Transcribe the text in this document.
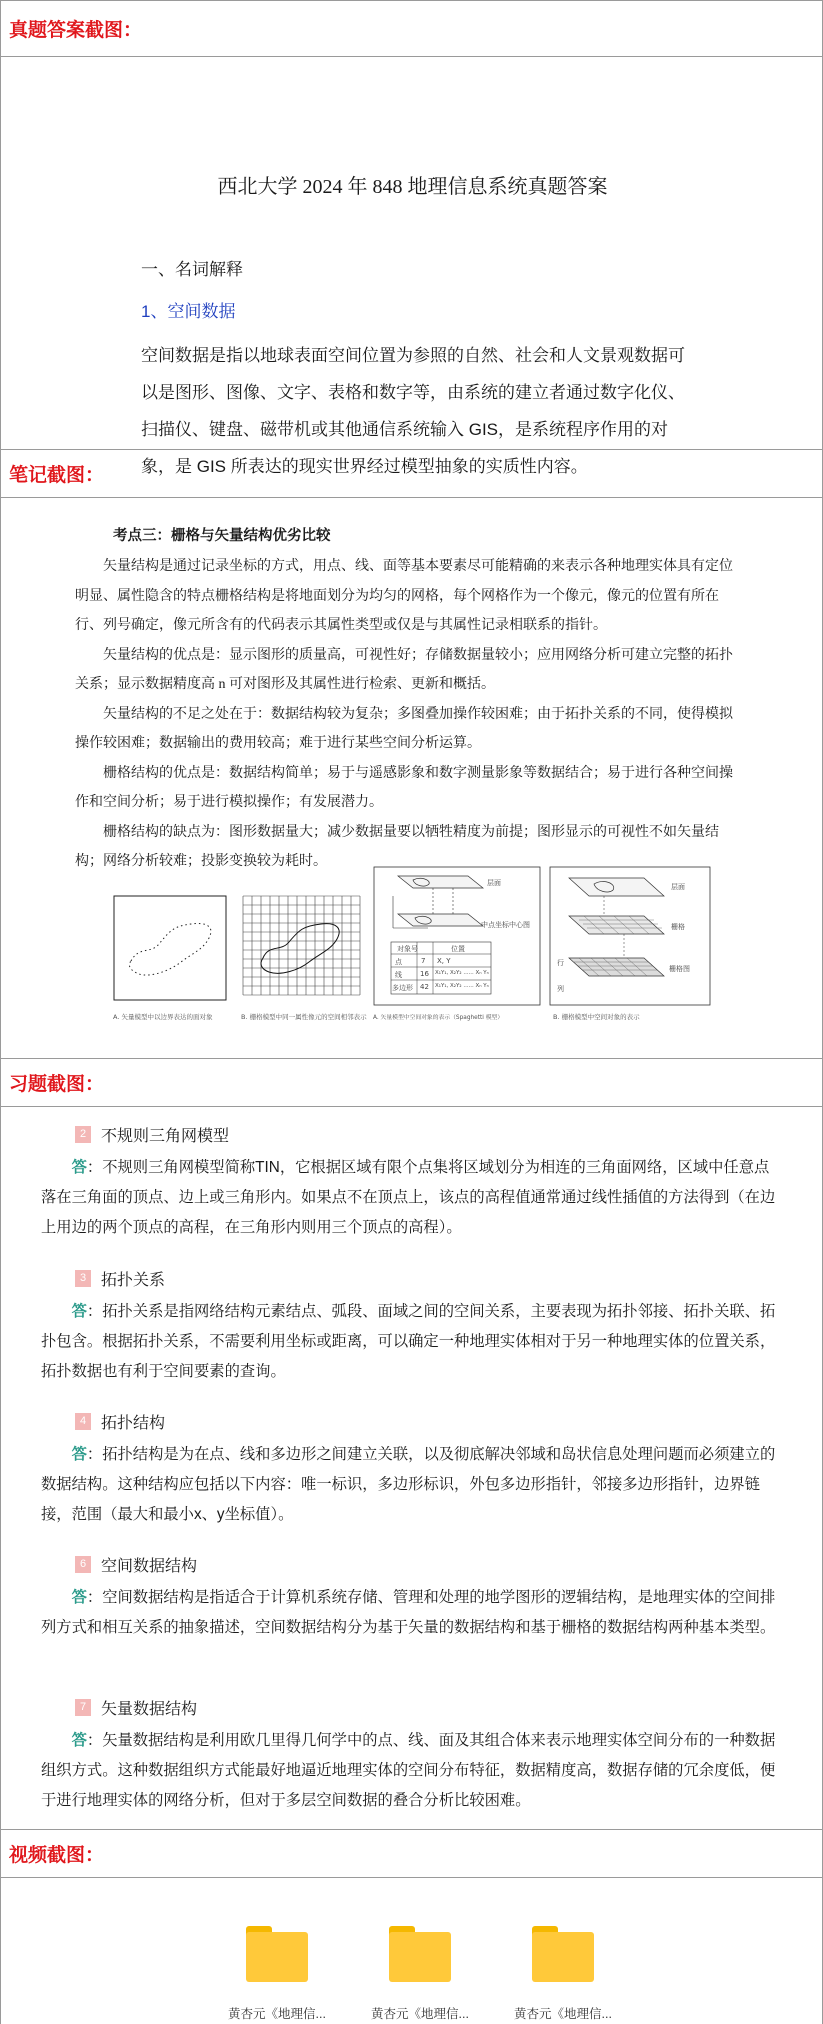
真题答案截图：
西北大学 2024 年 848 地理信息系统真题答案
一、名词解释
1、空间数据
空间数据是指以地球表面空间位置为参照的自然、社会和人文景观数据可以是图形、图像、文字、表格和数字等，由系统的建立者通过数字化仪、扫描仪、键盘、磁带机或其他通信系统输入 GIS，是系统程序作用的对象，是 GIS 所表达的现实世界经过模型抽象的实质性内容。
笔记截图：
考点三：栅格与矢量结构优劣比较

矢量结构是通过记录坐标的方式，用点、线、面等基本要素尽可能精确的来表示各种地理实体具有定位明显、属性隐含的特点栅格结构是将地面划分为均匀的网格，每个网格作为一个像元，像元的位置有所在行、列号确定，像元所含有的代码表示其属性类型或仅是与其属性记录相联系的指针。

矢量结构的优点是：显示图形的质量高，可视性好；存储数据量较小；应用网络分析可建立完整的拓扑关系；显示数据精度高 n 可对图形及其属性进行检索、更新和概括。

矢量结构的不足之处在于：数据结构较为复杂；多图叠加操作较困难；由于拓扑关系的不同，使得模拟操作较困难；数据输出的费用较高；难于进行某些空间分析运算。

栅格结构的优点是：数据结构简单；易于与遥感影象和数字测量影象等数据结合；易于进行各种空间操作和空间分析；易于进行模拟操作；有发展潜力。

栅格结构的缺点为：图形数据量大；减少数据量要以牺牲精度为前提；图形显示的可视性不如矢量结构；网络分析较难；投影变换较为耗时。

A. 矢量模型中以边界表达的面对象	B. 栅格模型中同一属性像元的空间相邻表示
层面
中点坐标中心图
对象号	位置
点	7 X, Y
线	16 X₁Y₁, X₂Y₂ ...... Xₙ Yₙ
多边形 42 X₁Y₁, X₂Y₂ ...... Xₙ Yₙ
A. 矢量模型中空间对象的表示（Spaghetti 模型）
层面
栅格
栅格图
行
列
B. 栅格模型中空间对象的表示
习题截图：
2 不规则三角网模型
答：不规则三角网模型简称TIN，它根据区域有限个点集将区域划分为相连的三角面网络，区域中任意点落在三角面的顶点、边上或三角形内。如果点不在顶点上，该点的高程值通常通过线性插值的方法得到（在边上用边的两个顶点的高程，在三角形内则用三个顶点的高程）。
3 拓扑关系
答：拓扑关系是指网络结构元素结点、弧段、面域之间的空间关系，主要表现为拓扑邻接、拓扑关联、拓扑包含。根据拓扑关系，不需要利用坐标或距离，可以确定一种地理实体相对于另一种地理实体的位置关系，拓扑数据也有利于空间要素的查询。
4 拓扑结构
答：拓扑结构是为在点、线和多边形之间建立关联，以及彻底解决邻域和岛状信息处理问题而必须建立的数据结构。这种结构应包括以下内容：唯一标识，多边形标识，外包多边形指针，邻接多边形指针，边界链接，范围（最大和最小x、y坐标值）。
6 空间数据结构
答：空间数据结构是指适合于计算机系统存储、管理和处理的地学图形的逻辑结构，是地理实体的空间排列方式和相互关系的抽象描述，空间数据结构分为基于矢量的数据结构和基于栅格的数据结构两种基本类型。
7 矢量数据结构
答：矢量数据结构是利用欧几里得几何学中的点、线、面及其组合体来表示地理实体空间分布的一种数据组织方式。这种数据组织方式能最好地逼近地理实体的空间分布特征，数据精度高，数据存储的冗余度低，便于进行地理实体的网络分析，但对于多层空间数据的叠合分析比较困难。
视频截图：
黄杏元《地理信...	黄杏元《地理信...	黄杏元《地理信...
